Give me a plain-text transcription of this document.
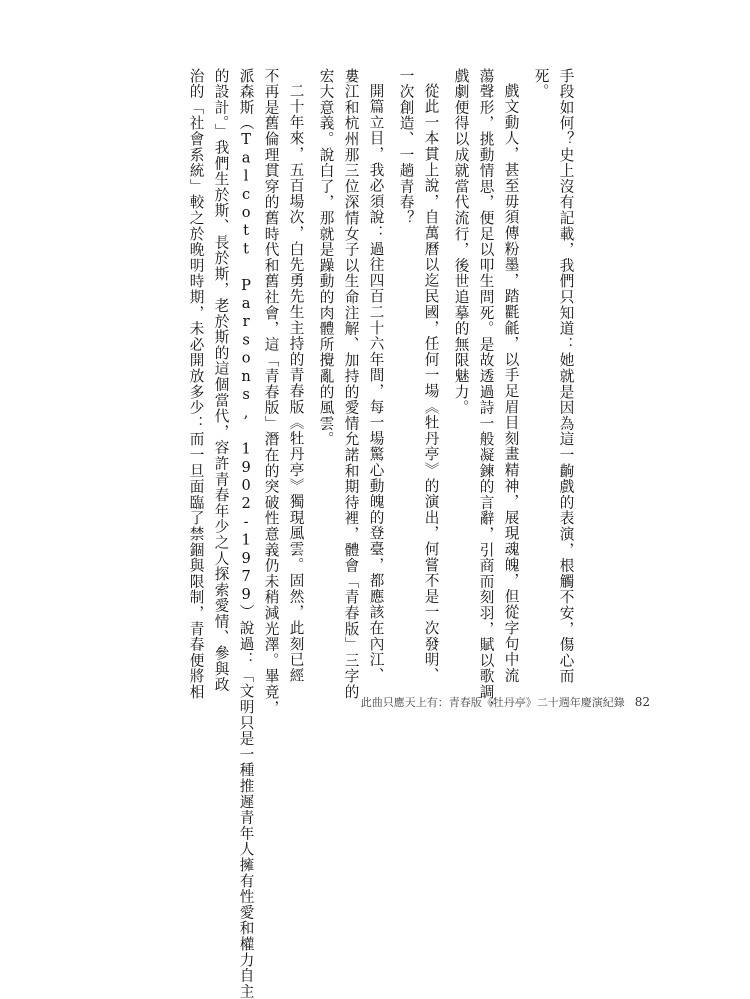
手段如何？史上沒有記載，我們只知道：她就是因為這一齣戲的表演，根觸不安，傷心而
死。
戲文動人，甚至毋須傳粉墨，踏氍毹，以手足眉目刻畫精神，展現魂魄，但從字句中流
蕩聲形，挑動情思，便足以叩生問死。是故透過詩一般凝鍊的言辭，引商而刻羽，賦以歌調，
戲劇便得以成就當代流行，後世追摹的無限魅力。
從此一本貫上說，自萬曆以迄民國，任何一場《牡丹亭》的演出，何嘗不是一次發明、
一次創造、一趟青春？
開篇立目，我必須說：過往四百二十六年間，每一場驚心動魄的登臺，都應該在內江、
婁江和杭州那三位深情女子以生命注解、加持的愛情允諾和期待裡，體會「青春版」三字的
宏大意義。說白了，那就是躁動的肉體所攪亂的風雲。
二十年來，五百場次，白先勇先生主持的青春版《牡丹亭》獨現風雲。固然，此刻已經
不再是舊倫理貫穿的舊時代和舊社會，這「青春版」潛在的突破性意義仍未稍減光澤。畢竟，
派森斯（Talcott Parsons, 1902-1979）說過：「文明只是一種推遲青年人擁有性愛和權力自主
的設計。」我們生於斯、長於斯，老於斯的這個當代，容許青春年少之人探索愛情、參與政
治的「社會系統」較之於晚明時期，未必開放多少：而一旦面臨了禁錮與限制，青春便將相
此曲只應天上有：青春版《牡丹亭》二十週年慶演紀錄 82
